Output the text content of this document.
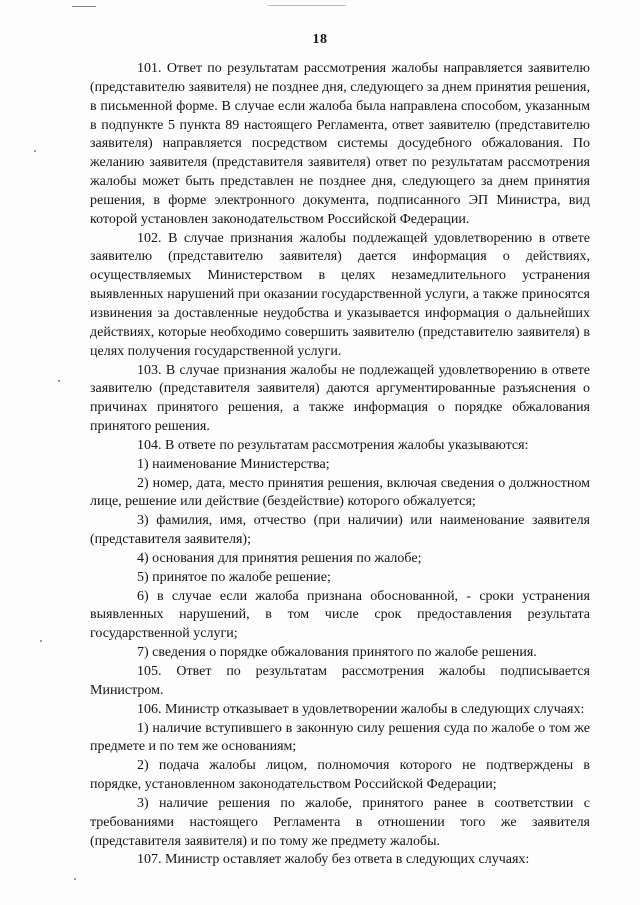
18

101. Ответ по результатам рассмотрения жалобы направляется заявителю (представителю заявителя) не позднее дня, следующего за днем принятия решения, в письменной форме. В случае если жалоба была направлена способом, указанным в подпункте 5 пункта 89 настоящего Регламента, ответ заявителю (представителю заявителя) направляется посредством системы досудебного обжалования. По желанию заявителя (представителя заявителя) ответ по результатам рассмотрения жалобы может быть представлен не позднее дня, следующего за днем принятия решения, в форме электронного документа, подписанного ЭП Министра, вид которой установлен законодательством Российской Федерации.

102. В случае признания жалобы подлежащей удовлетворению в ответе заявителю (представителю заявителя) дается информация о действиях, осуществляемых Министерством в целях незамедлительного устранения выявленных нарушений при оказании государственной услуги, а также приносятся извинения за доставленные неудобства и указывается информация о дальнейших действиях, которые необходимо совершить заявителю (представителю заявителя) в целях получения государственной услуги.

103. В случае признания жалобы не подлежащей удовлетворению в ответе заявителю (представителя заявителя) даются аргументированные разъяснения о причинах принятого решения, а также информация о порядке обжалования принятого решения.

104. В ответе по результатам рассмотрения жалобы указываются:

1) наименование Министерства;

2) номер, дата, место принятия решения, включая сведения о должностном лице, решение или действие (бездействие) которого обжалуется;

3) фамилия, имя, отчество (при наличии) или наименование заявителя (представителя заявителя);

4) основания для принятия решения по жалобе;

5) принятое по жалобе решение;

6) в случае если жалоба признана обоснованной, - сроки устранения выявленных нарушений, в том числе срок предоставления результата государственной услуги;

7) сведения о порядке обжалования принятого по жалобе решения.

105. Ответ по результатам рассмотрения жалобы подписывается Министром.

106. Министр отказывает в удовлетворении жалобы в следующих случаях:

1) наличие вступившего в законную силу решения суда по жалобе о том же предмете и по тем же основаниям;

2) подача жалобы лицом, полномочия которого не подтверждены в порядке, установленном законодательством Российской Федерации;

3) наличие решения по жалобе, принятого ранее в соответствии с требованиями настоящего Регламента в отношении того же заявителя (представителя заявителя) и по тому же предмету жалобы.

107. Министр оставляет жалобу без ответа в следующих случаях:
